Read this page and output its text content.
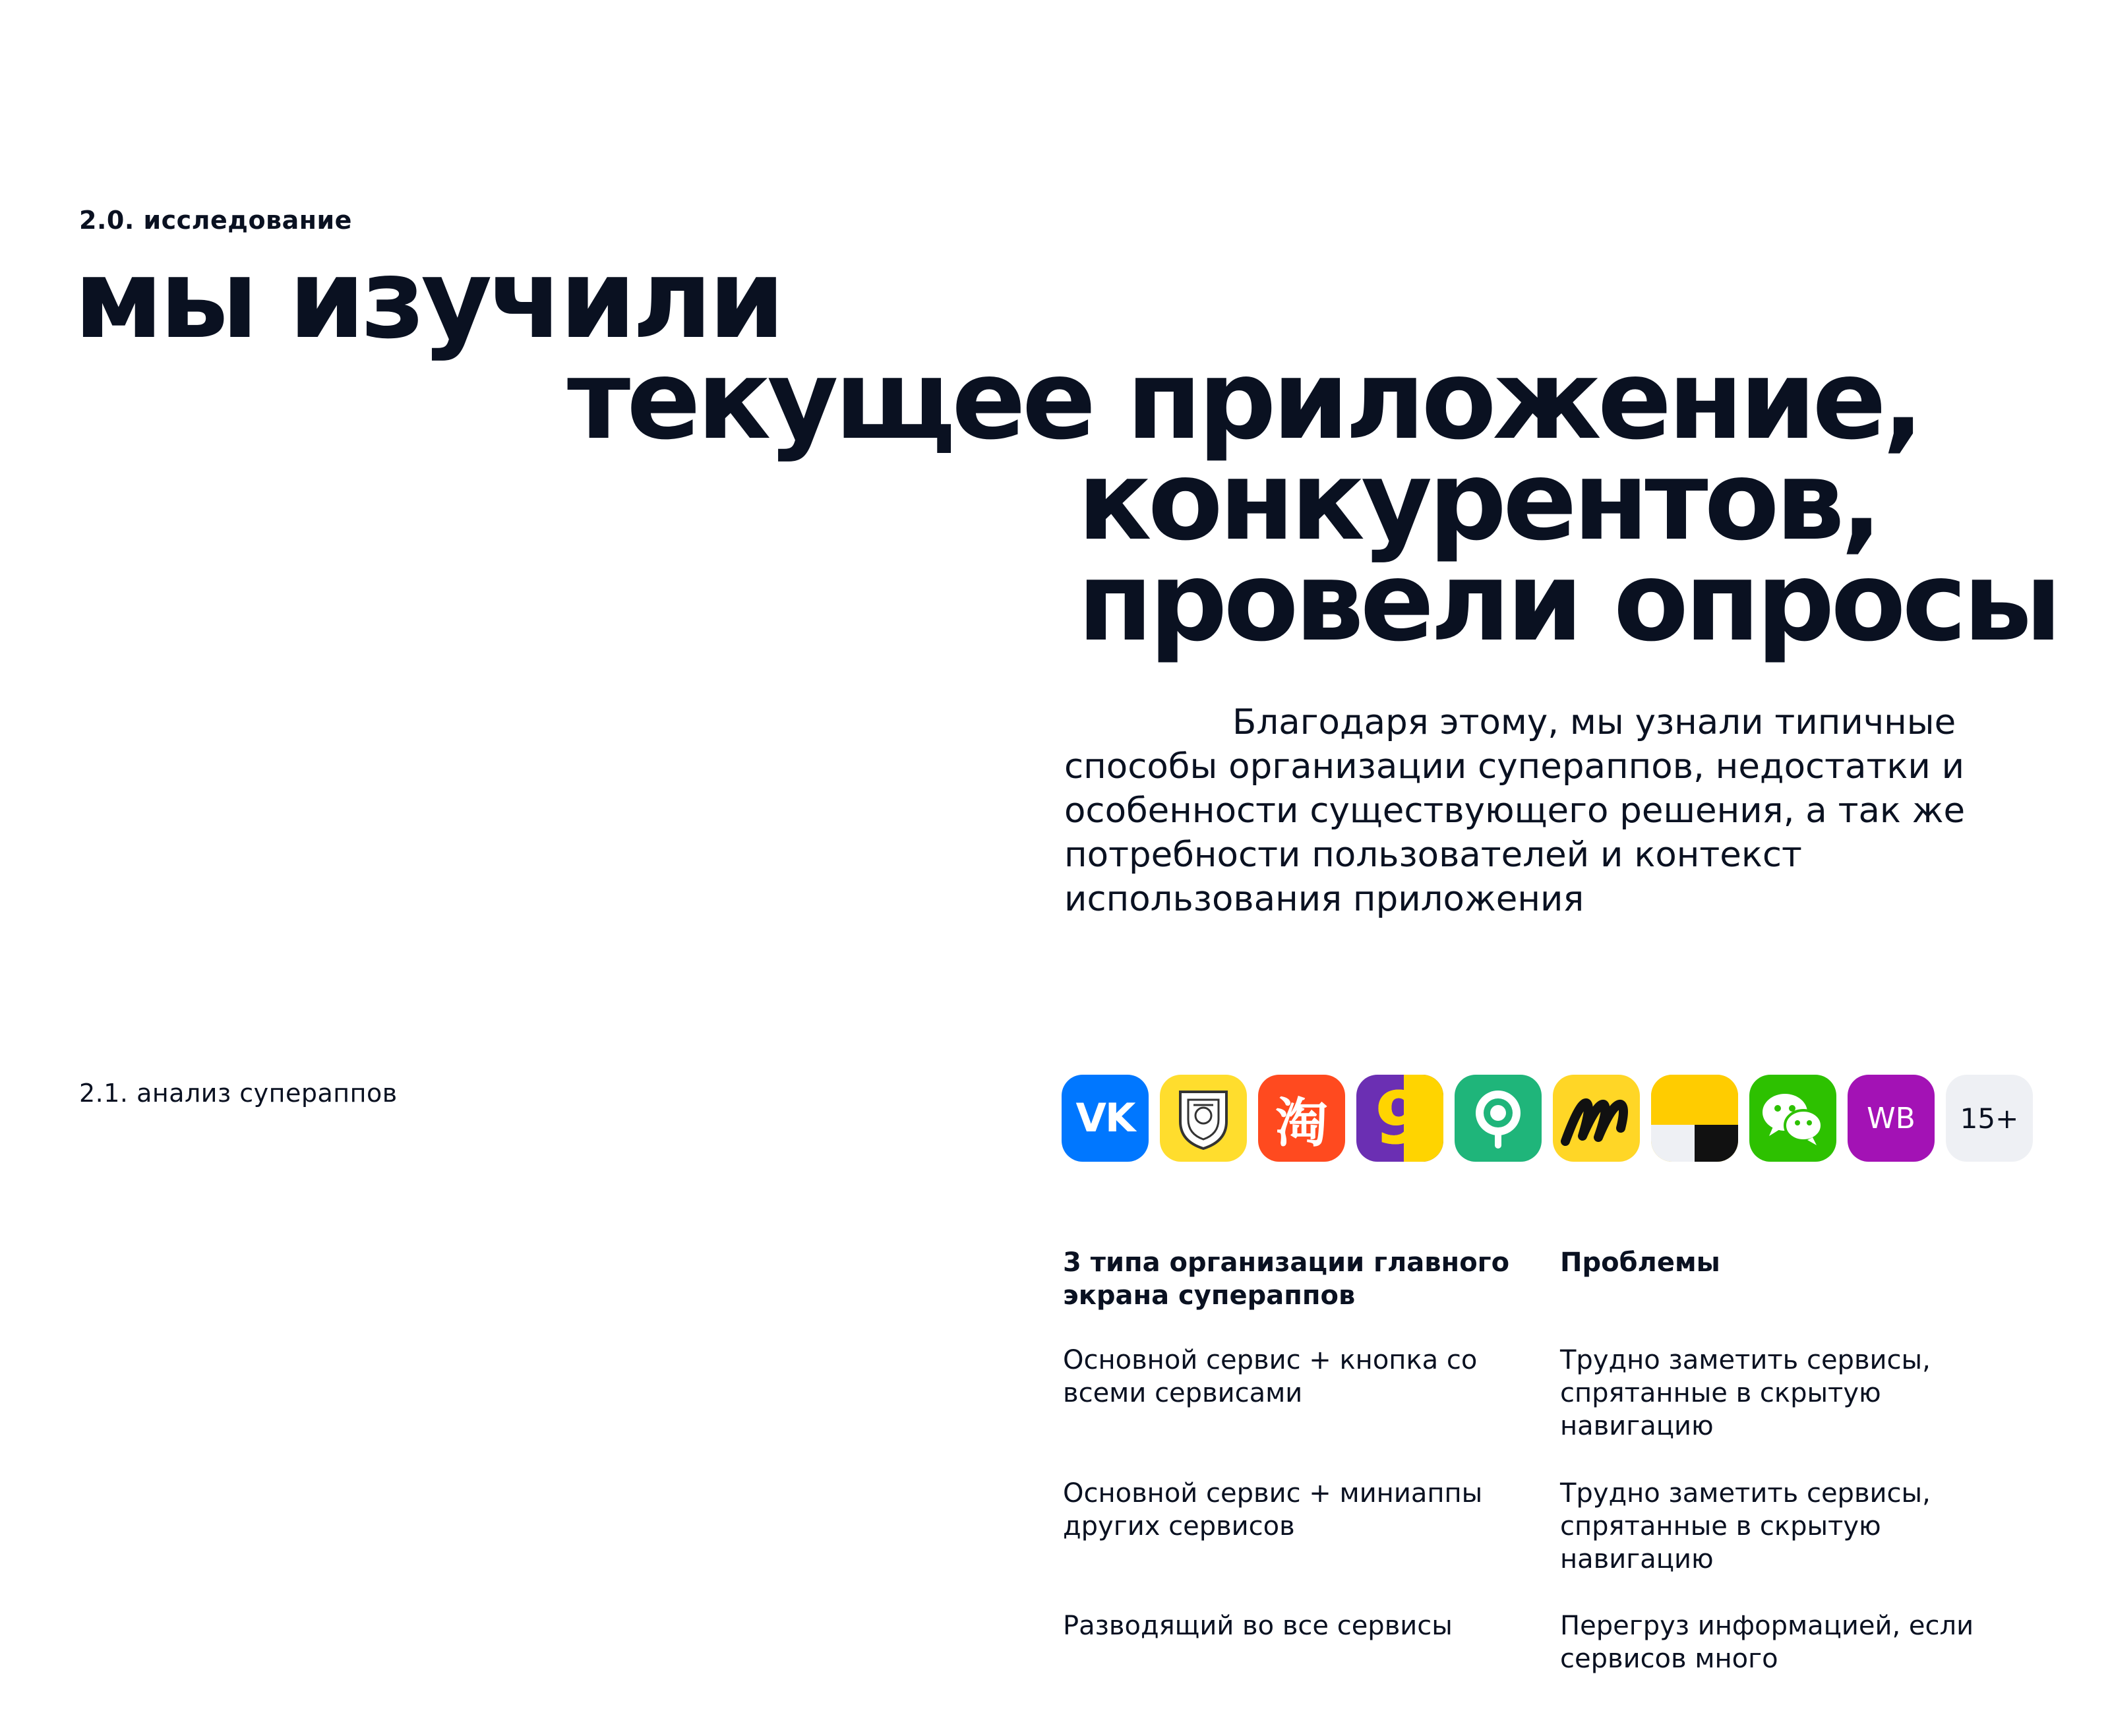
2.0. исследование
мы изучили
текущее приложение,
конкурентов,
провели опросы

Благодаря этому, мы узнали типичные способы организации супераппов, недостатки и особенности существующего решения, а так же потребности пользователей и контекст использования приложения

2.1. анализ супераппов
VK	淘 9	WB 15+
3 типа организации главного экрана супераппов
Проблемы
Основной сервис + кнопка со всеми сервисами
Основной сервис + миниаппы других сервисов
Разводящий во все сервисы
Трудно заметить сервисы, спрятанные в скрытую навигацию
Трудно заметить сервисы, спрятанные в скрытую навигацию
Перегруз информацией, если сервисов много
